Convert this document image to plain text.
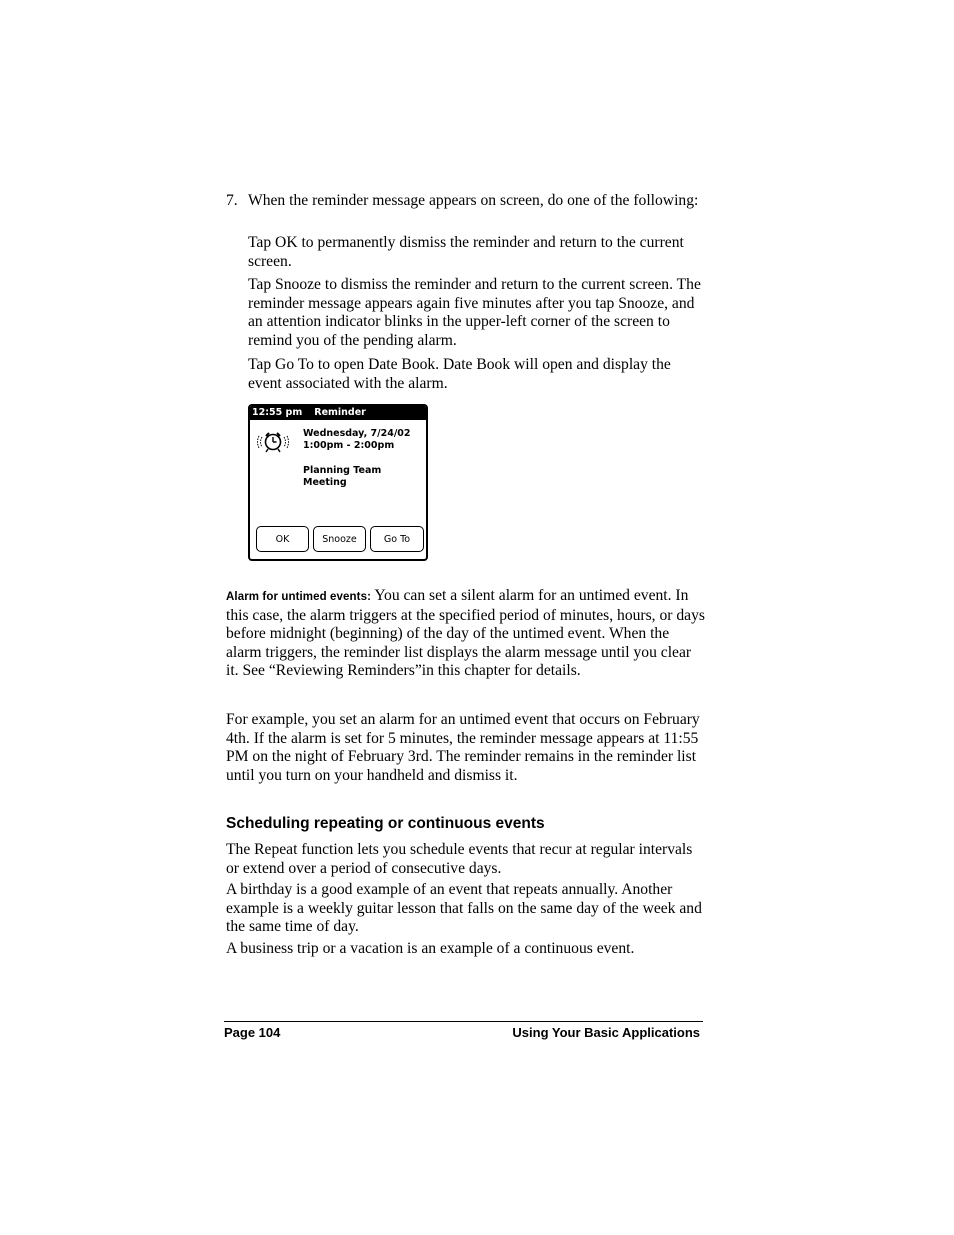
7. When the reminder message appears on screen, do one of the following:

Tap OK to permanently dismiss the reminder and return to the current screen.

Tap Snooze to dismiss the reminder and return to the current screen. The reminder message appears again five minutes after you tap Snooze, and an attention indicator blinks in the upper-left corner of the screen to remind you of the pending alarm.

Tap Go To to open Date Book. Date Book will open and display the event associated with the alarm.

12:55 pm Reminder
Wednesday, 7/24/02
1:00pm - 2:00pm
Planning Team
Meeting
OK	Snooze	Go To

Alarm for untimed events: You can set a silent alarm for an untimed event. In this case, the alarm triggers at the specified period of minutes, hours, or days before midnight (beginning) of the day of the untimed event. When the alarm triggers, the reminder list displays the alarm message until you clear it. See “Reviewing Reminders”in this chapter for details.

For example, you set an alarm for an untimed event that occurs on February 4th. If the alarm is set for 5 minutes, the reminder message appears at 11:55 PM on the night of February 3rd. The reminder remains in the reminder list until you turn on your handheld and dismiss it.

Scheduling repeating or continuous events

The Repeat function lets you schedule events that recur at regular intervals or extend over a period of consecutive days.

A birthday is a good example of an event that repeats annually. Another example is a weekly guitar lesson that falls on the same day of the week and the same time of day.

A business trip or a vacation is an example of a continuous event.

Page 104	Using Your Basic Applications
